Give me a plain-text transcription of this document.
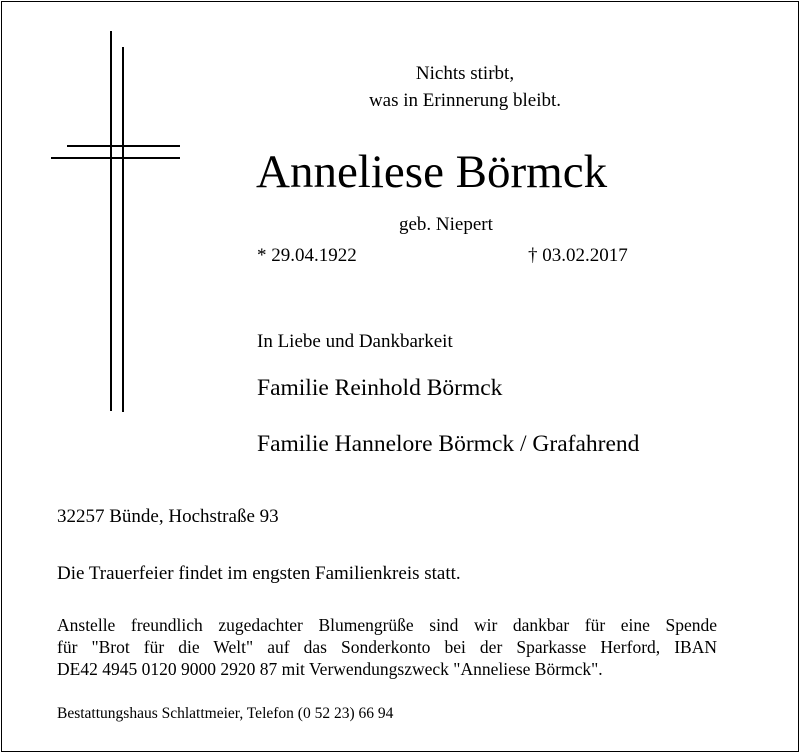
Nichts stirbt,
was in Erinnerung bleibt.
Anneliese Börmck
geb. Niepert
* 29.04.1922	† 03.02.2017
In Liebe und Dankbarkeit
Familie Reinhold Börmck
Familie Hannelore Börmck / Grafahrend
32257 Bünde, Hochstraße 93
Die Trauerfeier findet im engsten Familienkreis statt.
Anstelle freundlich zugedachter Blumengrüße sind wir dankbar für eine Spende
für "Brot für die Welt" auf das Sonderkonto bei der Sparkasse Herford, IBAN
DE42 4945 0120 9000 2920 87 mit Verwendungszweck "Anneliese Börmck".
Bestattungshaus Schlattmeier, Telefon (0 52 23) 66 94
